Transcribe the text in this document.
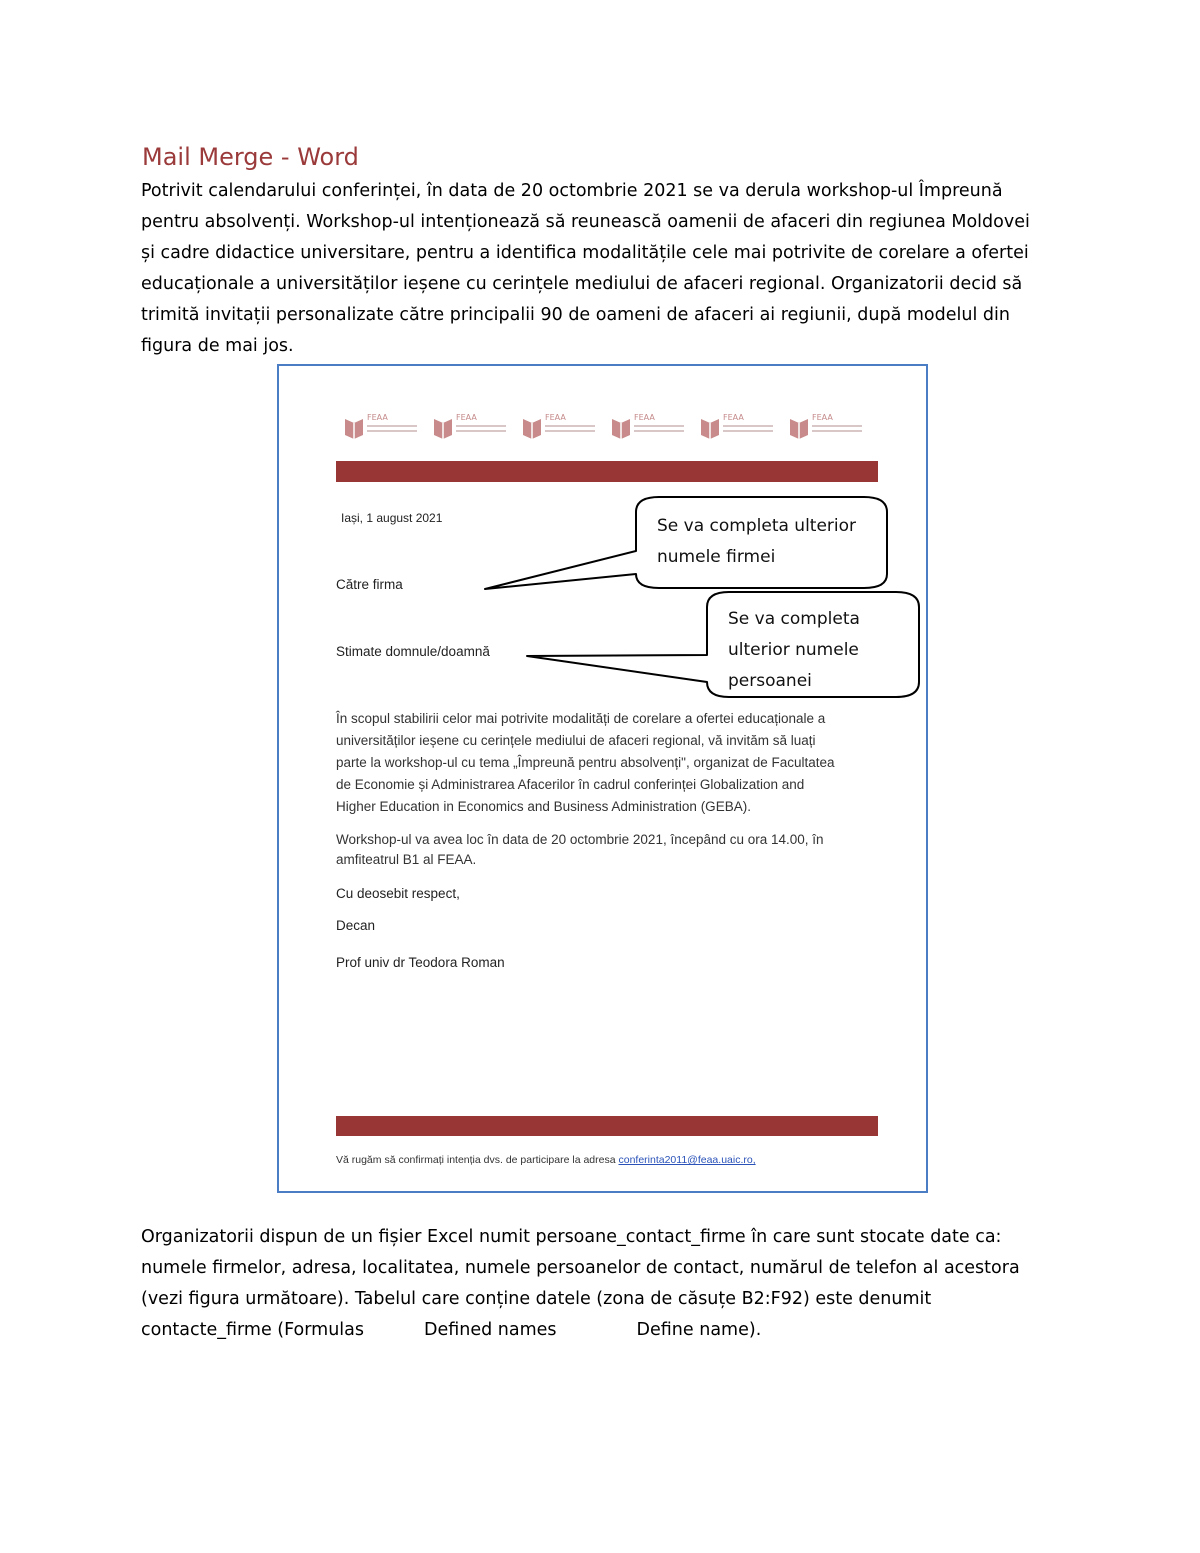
Mail Merge - Word
Potrivit calendarului conferinței, în data de 20 octombrie 2021 se va derula workshop-ul Împreună
pentru absolvenți. Workshop-ul intenționează să reunească oamenii de afaceri din regiunea Moldovei
și cadre didactice universitare, pentru a identifica modalitățile cele mai potrivite de corelare a ofertei
educaționale a universităților ieșene cu cerințele mediului de afaceri regional. Organizatorii decid să
trimită invitații personalizate către principalii 90 de oameni de afaceri ai regiunii, după modelul din
figura de mai jos.
FEAA	FEAA	FEAA	FEAA	FEAA	FEAA
Iași, 1 august 2021
Către firma
Stimate domnule/doamnă
Se va completa ulterior
numele firmei
Se va completa
ulterior numele
persoanei
În scopul stabilirii celor mai potrivite modalități de corelare a ofertei educaționale a
universităților ieșene cu cerințele mediului de afaceri regional, vă invităm să luați
parte la workshop-ul cu tema „Împreună pentru absolvenți", organizat de Facultatea
de Economie și Administrarea Afacerilor în cadrul conferinței Globalization and
Higher Education in Economics and Business Administration (GEBA).
Workshop-ul va avea loc în data de 20 octombrie 2021, începând cu ora 14.00, în
amfiteatrul B1 al FEAA.
Cu deosebit respect,
Decan
Prof univ dr Teodora Roman
Vă rugăm să confirmați intenția dvs. de participare la adresa conferinta2011@feaa.uaic.ro,
Organizatorii dispun de un fișier Excel numit persoane_contact_firme în care sunt stocate date ca:
numele firmelor, adresa, localitatea, numele persoanelor de contact, numărul de telefon al acestora
(vezi figura următoare). Tabelul care conține datele (zona de căsuțe B2:F92) este denumit
contacte_firme (Formulas	Defined names	Define name).
